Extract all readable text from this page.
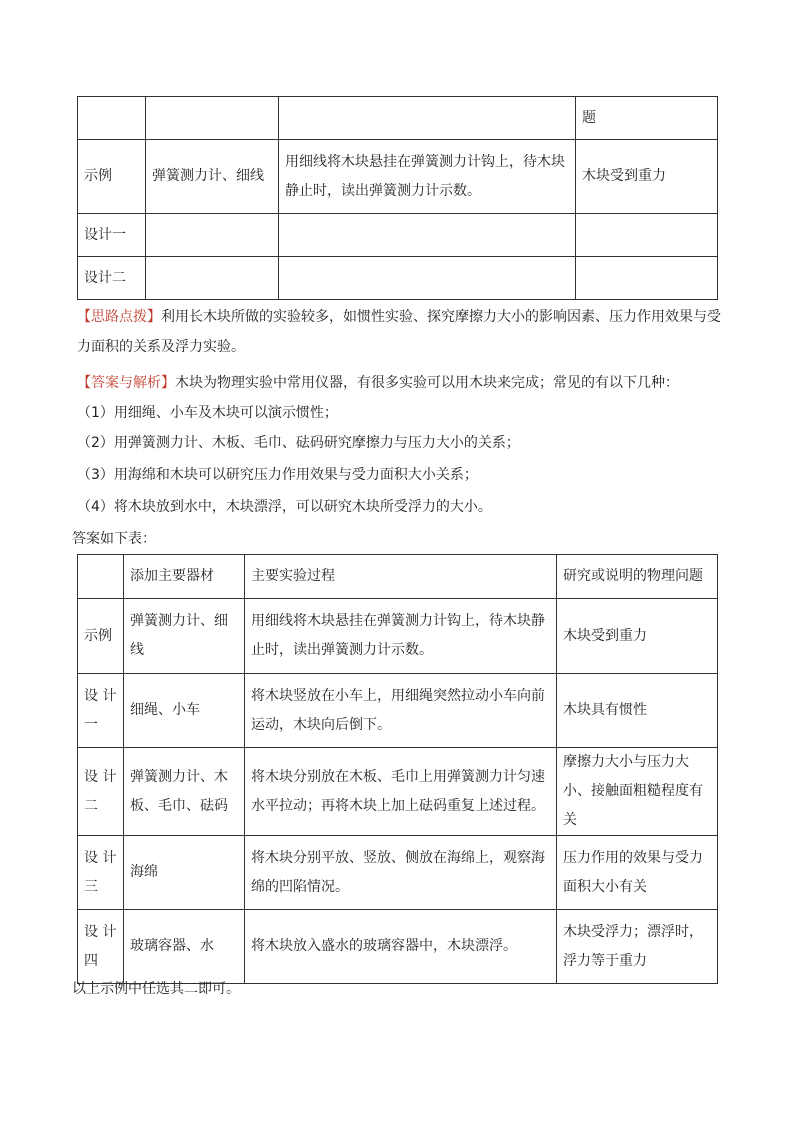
			题
示例	弹簧测力计、细线	用细线将木块悬挂在弹簧测力计钩上，待木块静止时，读出弹簧测力计示数。	木块受到重力
设计一			
设计二			

【思路点拨】利用长木块所做的实验较多，如惯性实验、探究摩擦力大小的影响因素、压力作用效果与受力面积的关系及浮力实验。

【答案与解析】木块为物理实验中常用仪器，有很多实验可以用木块来完成；常见的有以下几种：

（1）用细绳、小车及木块可以演示惯性；

（2）用弹簧测力计、木板、毛巾、砝码研究摩擦力与压力大小的关系；

（3）用海绵和木块可以研究压力作用效果与受力面积大小关系；

（4）将木块放到水中，木块漂浮，可以研究木块所受浮力的大小。

答案如下表：

	添加主要器材	主要实验过程	研究或说明的物理问题
示例	弹簧测力计、细线	用细线将木块悬挂在弹簧测力计钩上，待木块静止时，读出弹簧测力计示数。	木块受到重力
设 计一	细绳、小车	将木块竖放在小车上，用细绳突然拉动小车向前运动，木块向后倒下。	木块具有惯性
设 计二	弹簧测力计、木板、毛巾、砝码	将木块分别放在木板、毛巾上用弹簧测力计匀速水平拉动；再将木块上加上砝码重复上述过程。	摩擦力大小与压力大小、接触面粗糙程度有关
设 计三	海绵	将木块分别平放、竖放、侧放在海绵上，观察海绵的凹陷情况。	压力作用的效果与受力面积大小有关
设 计四	玻璃容器、水	将木块放入盛水的玻璃容器中，木块漂浮。	木块受浮力；漂浮时，浮力等于重力

以上示例中任选其二即可。
